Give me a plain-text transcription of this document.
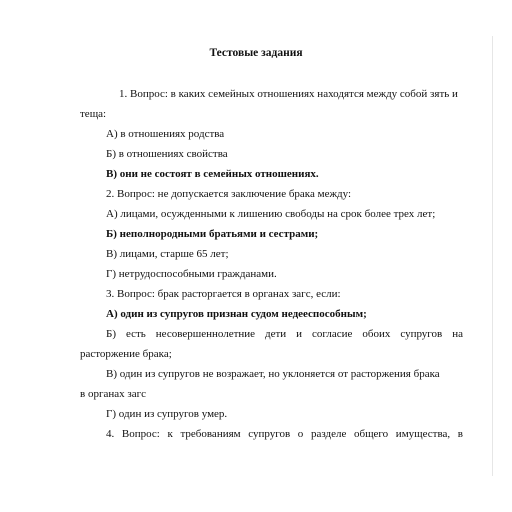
Тестовые задания
1. Вопрос: в каких семейных отношениях находятся между собой зять и
теща:
А) в отношениях родства
Б) в отношениях свойства
В) они не состоят в семейных отношениях.
2. Вопрос: не допускается заключение брака между:
А) лицами, осужденными к лишению свободы на срок более трех лет;
Б) неполнородными братьями и сестрами;
В) лицами, старше 65 лет;
Г) нетрудоспособными гражданами.
3. Вопрос: брак расторгается в органах загс, если:
А) один из супругов признан судом недееспособным;
Б) есть несовершеннолетние дети и согласие обоих супругов на
расторжение брака;
В) один из супругов не возражает, но уклоняется от расторжения брака
в органах загс
Г) один из супругов умер.
4. Вопрос: к требованиям супругов о разделе общего имущества, в
